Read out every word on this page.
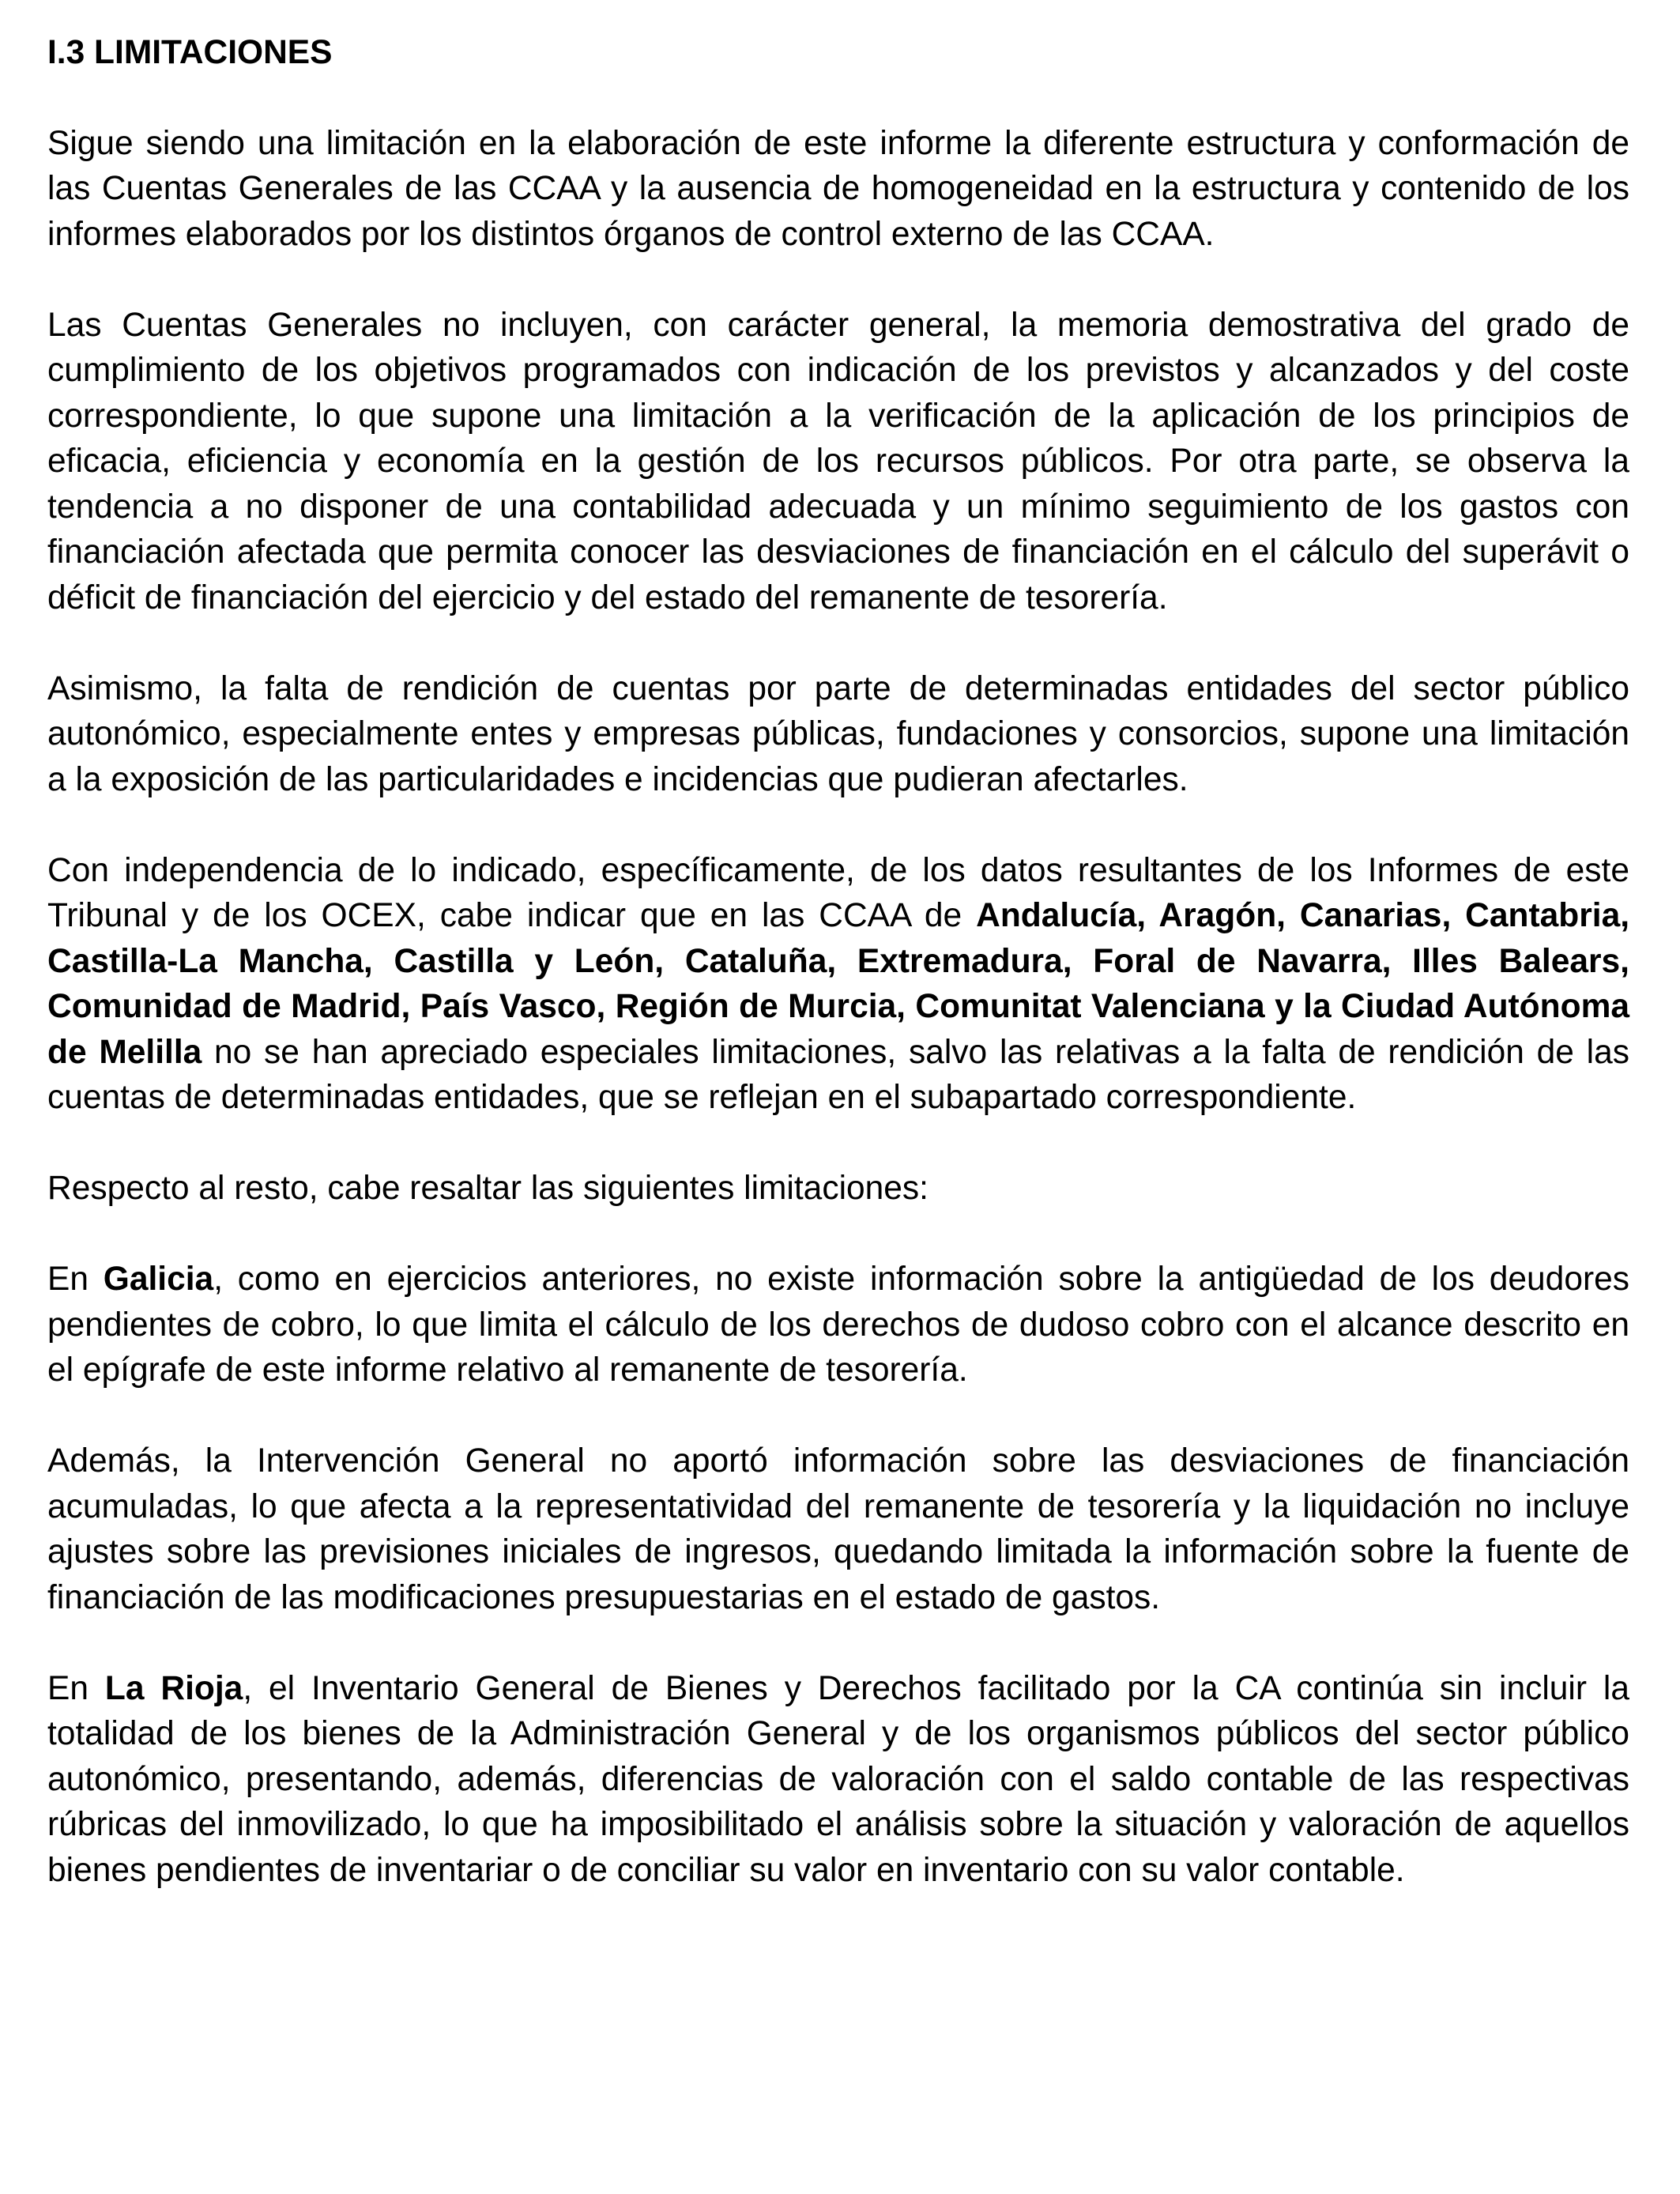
I.3 LIMITACIONES

Sigue siendo una limitación en la elaboración de este informe la diferente estructura y conformación de las Cuentas Generales de las CCAA y la ausencia de homogeneidad en la estructura y contenido de los informes elaborados por los distintos órganos de control externo de las CCAA.

Las Cuentas Generales no incluyen, con carácter general, la memoria demostrativa del grado de cumplimiento de los objetivos programados con indicación de los previstos y alcanzados y del coste correspondiente, lo que supone una limitación a la verificación de la aplicación de los principios de eficacia, eficiencia y economía en la gestión de los recursos públicos. Por otra parte, se observa la tendencia a no disponer de una contabilidad adecuada y un mínimo seguimiento de los gastos con financiación afectada que permita conocer las desviaciones de financiación en el cálculo del superávit o déficit de financiación del ejercicio y del estado del remanente de tesorería.

Asimismo, la falta de rendición de cuentas por parte de determinadas entidades del sector público autonómico, especialmente entes y empresas públicas, fundaciones y consorcios, supone una limitación a la exposición de las particularidades e incidencias que pudieran afectarles.

Con independencia de lo indicado, específicamente, de los datos resultantes de los Informes de este Tribunal y de los OCEX, cabe indicar que en las CCAA de Andalucía, Aragón, Canarias, Cantabria, Castilla-La Mancha, Castilla y León, Cataluña, Extremadura, Foral de Navarra, Illes Balears, Comunidad de Madrid, País Vasco, Región de Murcia, Comunitat Valenciana y la Ciudad Autónoma de Melilla no se han apreciado especiales limitaciones, salvo las relativas a la falta de rendición de las cuentas de determinadas entidades, que se reflejan en el subapartado correspondiente.

Respecto al resto, cabe resaltar las siguientes limitaciones:

En Galicia, como en ejercicios anteriores, no existe información sobre la antigüedad de los deudores pendientes de cobro, lo que limita el cálculo de los derechos de dudoso cobro con el alcance descrito en el epígrafe de este informe relativo al remanente de tesorería.

Además, la Intervención General no aportó información sobre las desviaciones de financiación acumuladas, lo que afecta a la representatividad del remanente de tesorería y la liquidación no incluye ajustes sobre las previsiones iniciales de ingresos, quedando limitada la información sobre la fuente de financiación de las modificaciones presupuestarias en el estado de gastos.

En La Rioja, el Inventario General de Bienes y Derechos facilitado por la CA continúa sin incluir la totalidad de los bienes de la Administración General y de los organismos públicos del sector público autonómico, presentando, además, diferencias de valoración con el saldo contable de las respectivas rúbricas del inmovilizado, lo que ha imposibilitado el análisis sobre la situación y valoración de aquellos bienes pendientes de inventariar o de conciliar su valor en inventario con su valor contable.
